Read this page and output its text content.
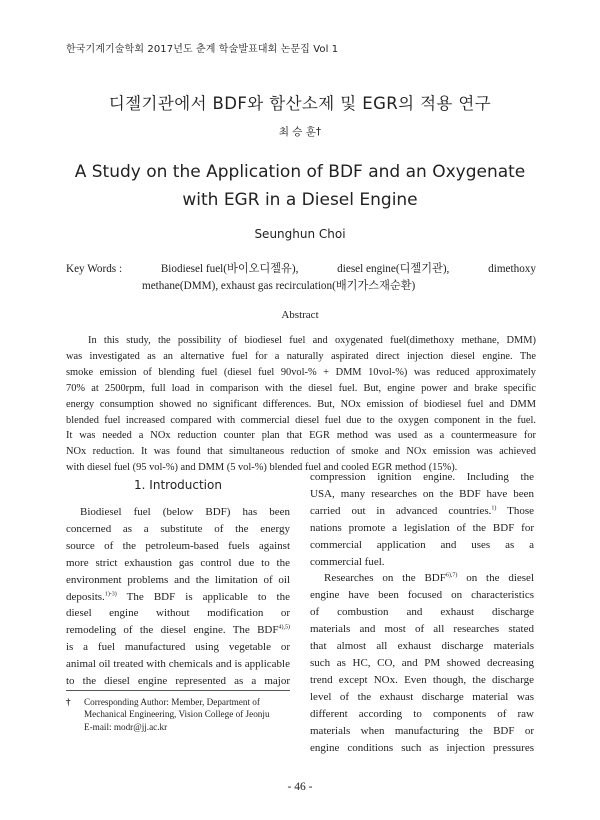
한국기계기술학회 2017년도 춘계 학술발표대회 논문집 Vol 1
디젤기관에서 BDF와 함산소제 및 EGR의 적용 연구
최 승 훈†
A Study on the Application of BDF and an Oxygenate
with EGR in a Diesel Engine
Seunghun Choi
Key Words :	Biodiesel fuel(바이오디젤유),	diesel engine(디젤기관),	dimethoxy
methane(DMM), exhaust gas recirculation(배기가스재순환)
Abstract
In this study, the possibility of biodiesel fuel and oxygenated fuel(dimethoxy methane, DMM)
was investigated as an alternative fuel for a naturally aspirated direct injection diesel engine. The
smoke emission of blending fuel (diesel fuel 90vol-% + DMM 10vol-%) was reduced approximately
70% at 2500rpm, full load in comparison with the diesel fuel. But, engine power and brake specific
energy consumption showed no significant differences. But, NOx emission of biodiesel fuel and DMM
blended fuel increased compared with commercial diesel fuel due to the oxygen component in the fuel.
It was needed a NOx reduction counter plan that EGR method was used as a countermeasure for
NOx reduction. It was found that simultaneous reduction of smoke and NOx emission was achieved
with diesel fuel (95 vol-%) and DMM (5 vol-%) blended fuel and cooled EGR method (15%).
1. Introduction
Biodiesel fuel (below BDF) has been
concerned as a substitute of the energy
source of the petroleum-based fuels against
more strict exhaustion gas control due to the
environment problems and the limitation of oil
deposits.$^{1)-3)}$ The BDF is applicable to the
diesel engine without modification or
remodeling of the diesel engine. The $BDF^{4),5)}$
is a fuel manufactured using vegetable or
animal oil treated with chemicals and is applicable
to the diesel engine represented as a major
† Corresponding Author: Member, Department of
Mechanical Engineering, Vision College of Jeonju
E-mail: modr@jj.ac.kr
compression ignition engine. Including the
USA, many researches on the BDF have been
carried out in advanced countries.$^{1)}$ Those
nations promote a legislation of the BDF for
commercial application and uses as a
commercial fuel.
Researches on the $BDF^{6),7)}$ on the diesel
engine have been focused on characteristics
of combustion and exhaust discharge
materials and most of all researches stated
that almost all exhaust discharge materials
such as HC, CO, and PM showed decreasing
trend except NOx. Even though, the discharge
level of the exhaust discharge material was
different according to components of raw
materials when manufacturing the BDF or
engine conditions such as injection pressures
- 46 -
